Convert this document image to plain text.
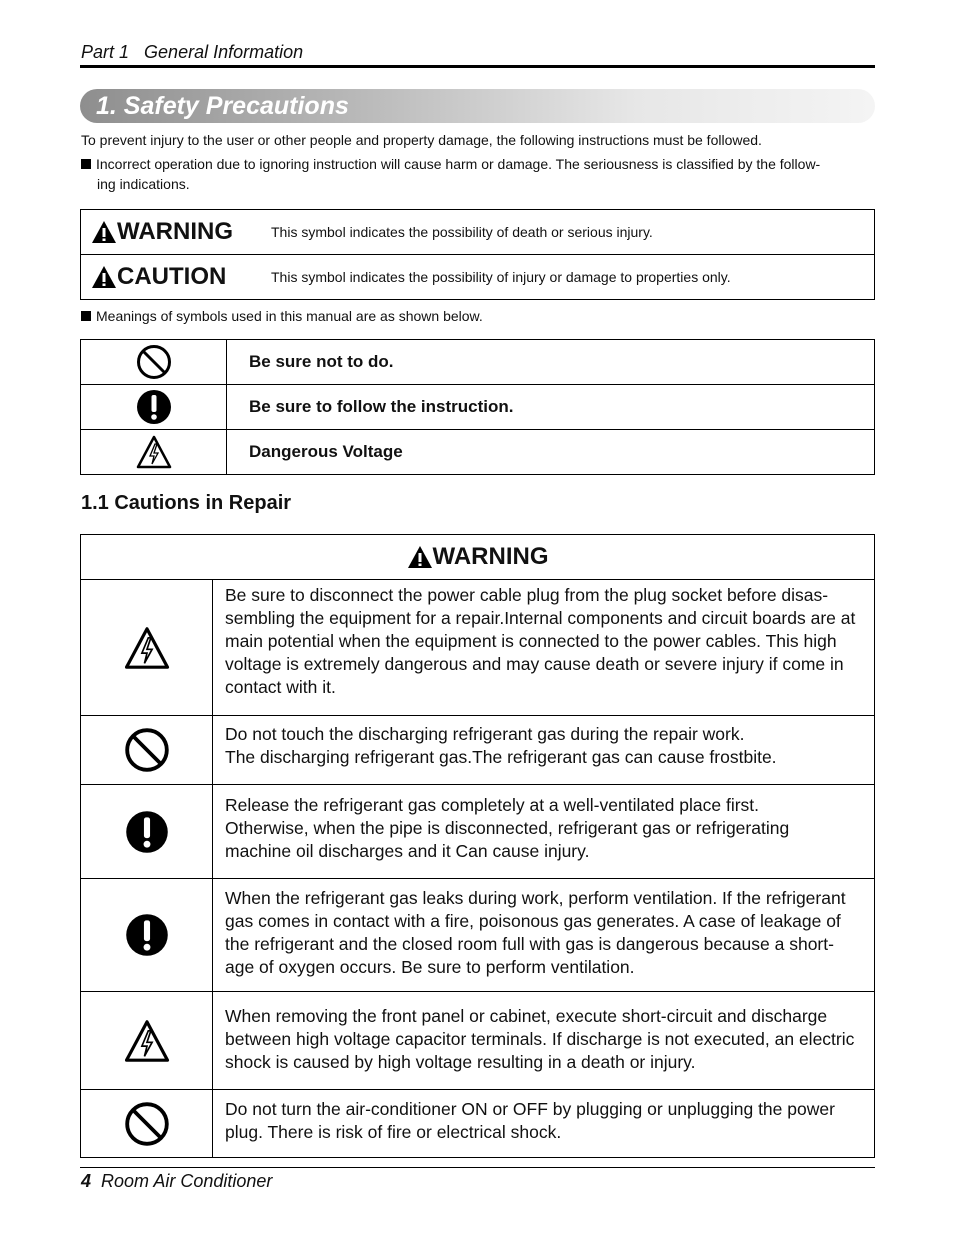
Part 1 General Information
1. Safety Precautions
To prevent injury to the user or other people and property damage, the following instructions must be followed.
Incorrect operation due to ignoring instruction will cause harm or damage. The seriousness is classified by the follow-
ing indications.
WARNING	This symbol indicates the possibility of death or serious injury.
CAUTION	This symbol indicates the possibility of injury or damage to properties only.
Meanings of symbols used in this manual are as shown below.
	Be sure not to do.
	Be sure to follow the instruction.
	Dangerous Voltage
1.1 Cautions in Repair
WARNING	

Be sure to disconnect the power cable plug from the plug socket before disas-
sembling the equipment for a repair.Internal components and circuit boards are at
main potential when the equipment is connected to the power cables. This high
voltage is extremely dangerous and may cause death or severe injury if come in
contact with it.

Do not touch the discharging refrigerant gas during the repair work.
The discharging refrigerant gas.The refrigerant gas can cause frostbite.

Release the refrigerant gas completely at a well-ventilated place first.
Otherwise, when the pipe is disconnected, refrigerant gas or refrigerating
machine oil discharges and it Can cause injury.

When the refrigerant gas leaks during work, perform ventilation. If the refrigerant
gas comes in contact with a fire, poisonous gas generates. A case of leakage of
the refrigerant and the closed room full with gas is dangerous because a short-
age of oxygen occurs. Be sure to perform ventilation.

When removing the front panel or cabinet, execute short-circuit and discharge
between high voltage capacitor terminals. If discharge is not executed, an electric
shock is caused by high voltage resulting in a death or injury.

Do not turn the air-conditioner ON or OFF by plugging or unplugging the power
plug. There is risk of fire or electrical shock.
4 Room Air Conditioner
